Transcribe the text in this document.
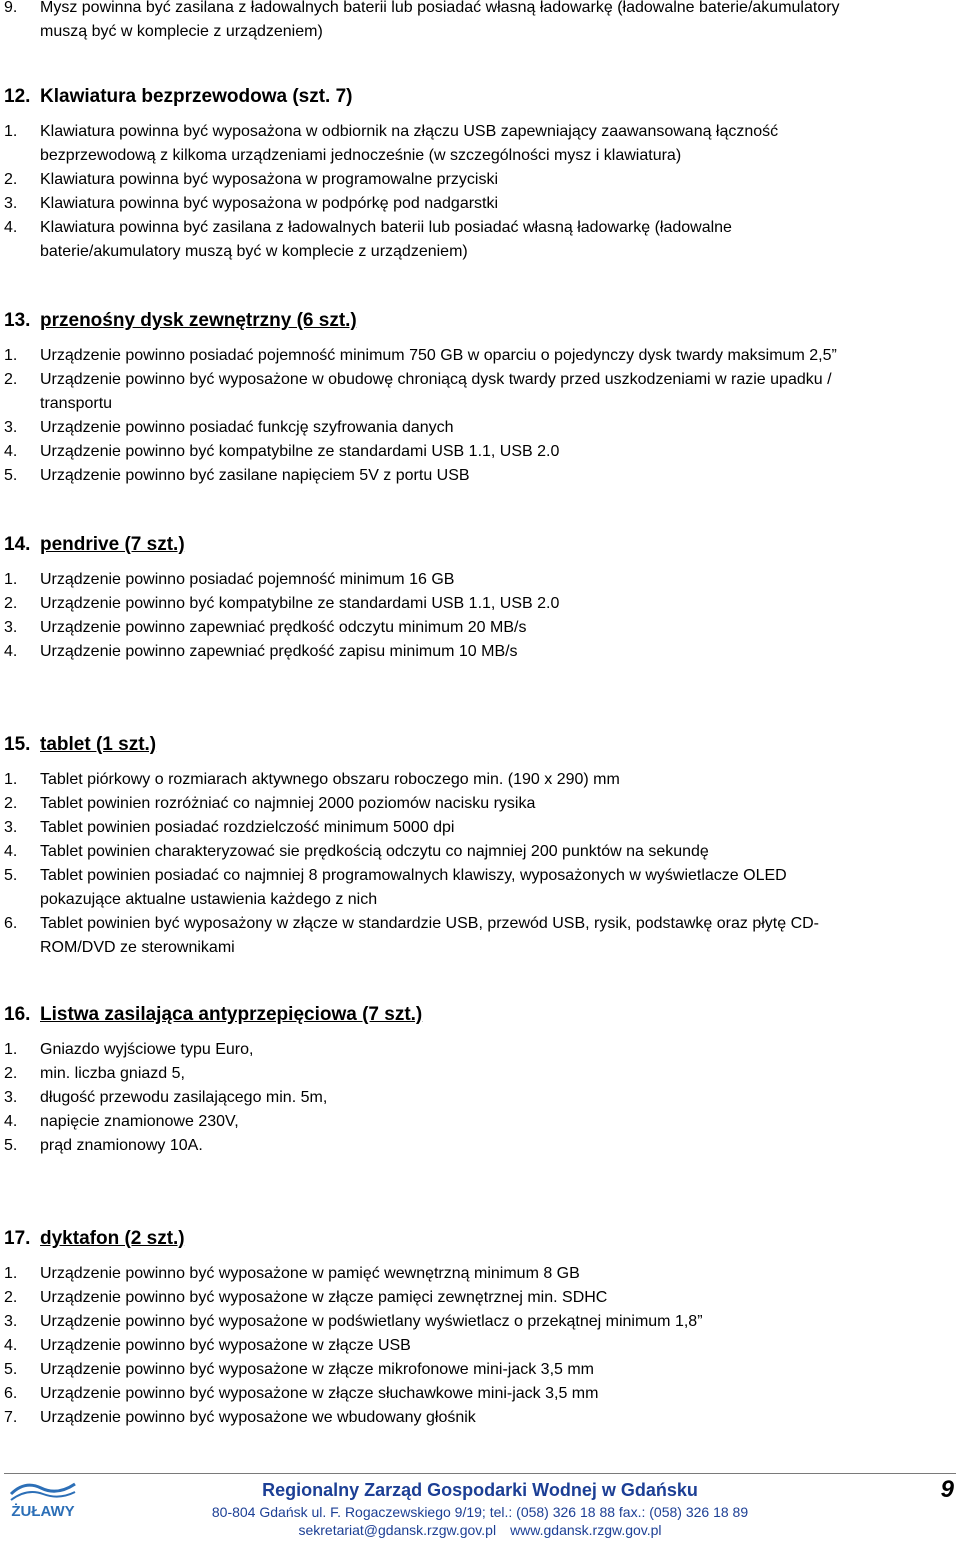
9. Mysz powinna być zasilana z ładowalnych baterii lub posiadać własną ładowarkę (ładowalne baterie/akumulatory
muszą być w komplecie z urządzeniem)
12. Klawiatura bezprzewodowa (szt. 7)
1. Klawiatura powinna być wyposażona w odbiornik na złączu USB zapewniający zaawansowaną łączność
bezprzewodową z kilkoma urządzeniami jednocześnie (w szczególności mysz i klawiatura)
2. Klawiatura powinna być wyposażona w programowalne przyciski
3. Klawiatura powinna być wyposażona w podpórkę pod nadgarstki
4. Klawiatura powinna być zasilana z ładowalnych baterii lub posiadać własną ładowarkę (ładowalne
baterie/akumulatory muszą być w komplecie z urządzeniem)
13. przenośny dysk zewnętrzny (6 szt.)
1. Urządzenie powinno posiadać pojemność minimum 750 GB w oparciu o pojedynczy dysk twardy maksimum 2,5”
2. Urządzenie powinno być wyposażone w obudowę chroniącą dysk twardy przed uszkodzeniami w razie upadku /
transportu
3. Urządzenie powinno posiadać funkcję szyfrowania danych
4. Urządzenie powinno być kompatybilne ze standardami USB 1.1, USB 2.0
5. Urządzenie powinno być zasilane napięciem 5V z portu USB
14. pendrive (7 szt.)
1. Urządzenie powinno posiadać pojemność minimum 16 GB
2. Urządzenie powinno być kompatybilne ze standardami USB 1.1, USB 2.0
3. Urządzenie powinno zapewniać prędkość odczytu minimum 20 MB/s
4. Urządzenie powinno zapewniać prędkość zapisu minimum 10 MB/s
15. tablet (1 szt.)
1. Tablet piórkowy o rozmiarach aktywnego obszaru roboczego min. (190 x 290) mm
2. Tablet powinien rozróżniać co najmniej 2000 poziomów nacisku rysika
3. Tablet powinien posiadać rozdzielczość minimum 5000 dpi
4. Tablet powinien charakteryzować sie prędkością odczytu co najmniej 200 punktów na sekundę
5. Tablet powinien posiadać co najmniej 8 programowalnych klawiszy, wyposażonych w wyświetlacze OLED
pokazujące aktualne ustawienia każdego z nich
6. Tablet powinien być wyposażony w złącze w standardzie USB, przewód USB, rysik, podstawkę oraz płytę CD-
ROM/DVD ze sterownikami
16. Listwa zasilająca antyprzepięciowa (7 szt.)
1. Gniazdo wyjściowe typu Euro,
2. min. liczba gniazd 5,
3. długość przewodu zasilającego min. 5m,
4. napięcie znamionowe 230V,
5. prąd znamionowy 10A.
17. dyktafon (2 szt.)
1. Urządzenie powinno być wyposażone w pamięć wewnętrzną minimum 8 GB
2. Urządzenie powinno być wyposażone w złącze pamięci zewnętrznej min. SDHC
3. Urządzenie powinno być wyposażone w podświetlany wyświetlacz o przekątnej minimum 1,8”
4. Urządzenie powinno być wyposażone w złącze USB
5. Urządzenie powinno być wyposażone w złącze mikrofonowe mini-jack 3,5 mm
6. Urządzenie powinno być wyposażone w złącze słuchawkowe mini-jack 3,5 mm
7. Urządzenie powinno być wyposażone we wbudowany głośnik
ŻUŁAWY
Regionalny Zarząd Gospodarki Wodnej w Gdańsku
80-804 Gdańsk ul. F. Rogaczewskiego 9/19; tel.: (058) 326 18 88 fax.: (058) 326 18 89
sekretariat@gdansk.rzgw.gov.pl www.gdansk.rzgw.gov.pl
9
